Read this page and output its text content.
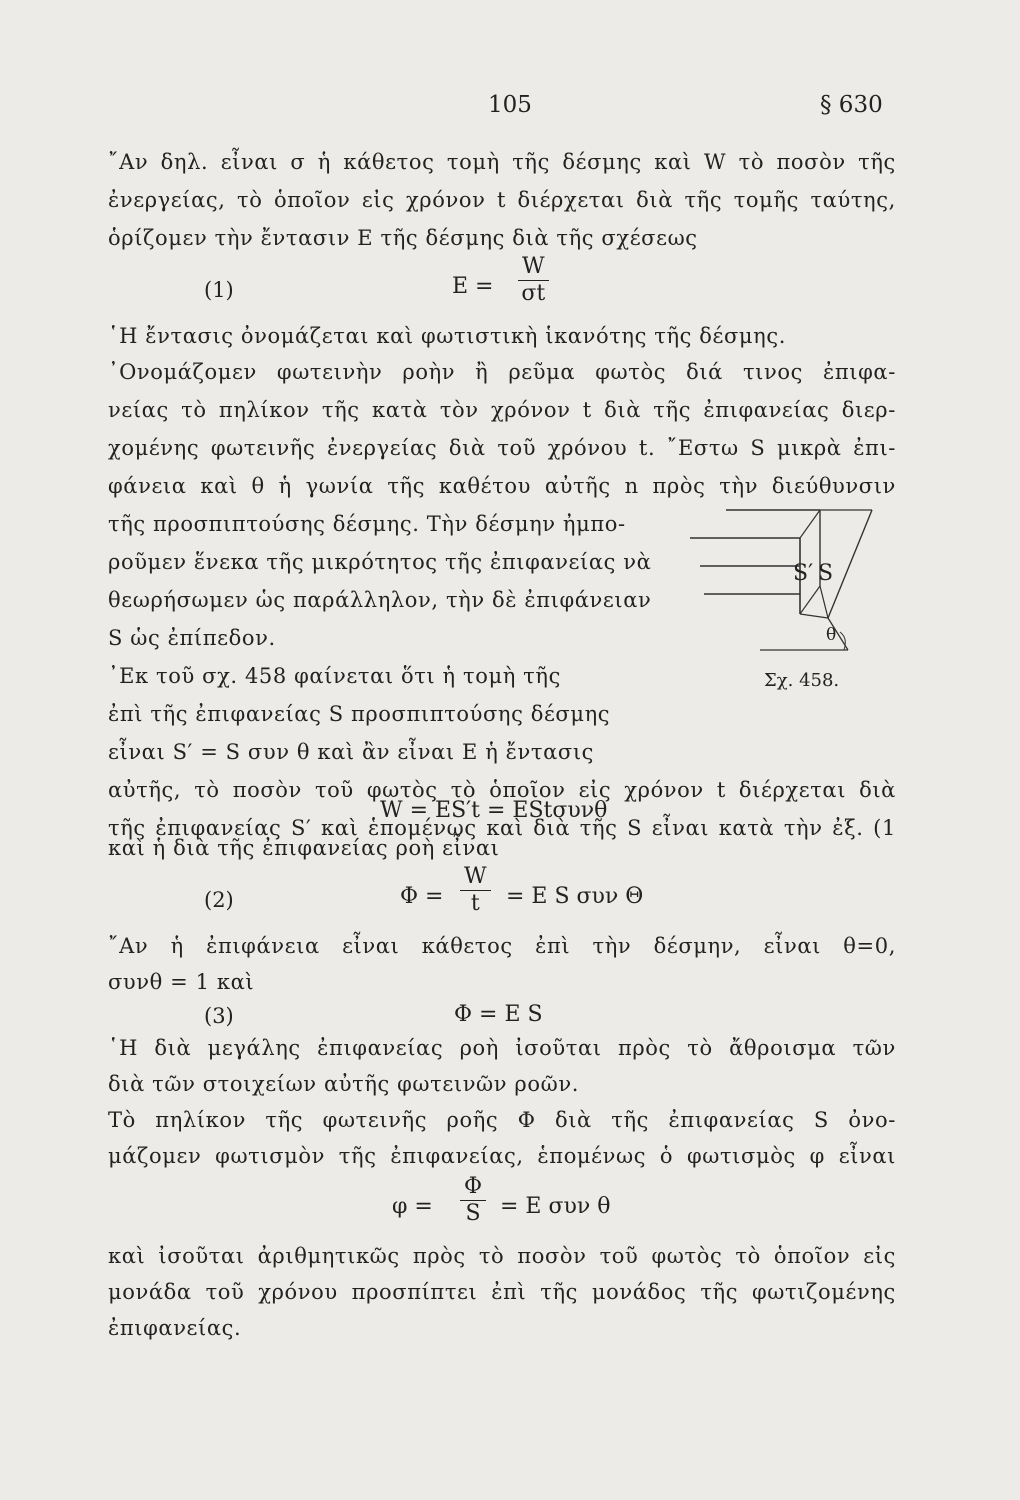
105	§ 630
῎Αν δηλ. εἶναι σ ἡ κάθετος τομὴ τῆς δέσμης καὶ W τὸ ποσὸν τῆς
ἐνεργείας, τὸ ὁποῖον εἰς χρόνον t διέρχεται διὰ τῆς τομῆς ταύτης,
ὁρίζομεν τὴν ἔντασιν Ε τῆς δέσμης διὰ τῆς σχέσεως
(1)	$E = \frac{W}{\sigma t}$
῾Η ἔντασις ὀνομάζεται καὶ φωτιστικὴ ἱκανότης τῆς δέσμης.
᾿Ονομάζομεν φωτεινὴν ροὴν ἢ ρεῦμα φωτὸς διά τινος ἐπιφα-
νείας τὸ πηλίκον τῆς κατὰ τὸν χρόνον t διὰ τῆς ἐπιφανείας διερ-
χομένης φωτεινῆς ἐνεργείας διὰ τοῦ χρόνου t. ῎Εστω S μικρὰ ἐπι-
φάνεια καὶ θ ἡ γωνία τῆς καθέτου αὐτῆς n πρὸς τὴν διεύθυνσιν
τῆς προσπιπτούσης δέσμης. Τὴν δέσμην ἠμπο-
ροῦμεν ἕνεκα τῆς μικρότητος τῆς ἐπιφανείας νὰ
θεωρήσωμεν ὡς παράλληλον, τὴν δὲ ἐπιφάνειαν
S ὡς ἐπίπεδον.
᾿Εκ τοῦ σχ. 458 φαίνεται ὅτι ἡ τομὴ τῆς
ἐπὶ τῆς ἐπιφανείας S προσπιπτούσης δέσμης
εἶναι S′ = S συν θ καὶ ἂν εἶναι Ε ἡ ἔντασις
αὐτῆς, τὸ ποσὸν τοῦ φωτὸς τὸ ὁποῖον εἰς χρόνον t διέρχεται διὰ
τῆς ἐπιφανείας S′ καὶ ἑπομένως καὶ διὰ τῆς S εἶναι κατὰ τὴν ἐξ. (1
S′ S
θ
Σχ. 458.
W = ES′t = EStσυνθ
καὶ ἡ διὰ τῆς ἐπιφανείας ροὴ εἶναι
(2)	$\Phi = \frac{W}{t} = E$ S συν Θ
῎Αν ἡ ἐπιφάνεια εἶναι κάθετος ἐπὶ τὴν δέσμην, εἶναι θ=0,
συνθ = 1 καὶ
(3)	Φ = Ε S
῾Η διὰ μεγάλης ἐπιφανείας ροὴ ἰσοῦται πρὸς τὸ ἄθροισμα τῶν
διὰ τῶν στοιχείων αὐτῆς φωτεινῶν ροῶν.
Τὸ πηλίκον τῆς φωτεινῆς ροῆς Φ διὰ τῆς ἐπιφανείας S ὀνο-
μάζομεν φωτισμὸν τῆς ἐπιφανείας, ἑπομένως ὁ φωτισμὸς φ εἶναι
$\varphi = \frac{\Phi}{S} = E$ συν θ
καὶ ἰσοῦται ἀριθμητικῶς πρὸς τὸ ποσὸν τοῦ φωτὸς τὸ ὁποῖον εἰς
μονάδα τοῦ χρόνου προσπίπτει ἐπὶ τῆς μονάδος τῆς φωτιζομένης
ἐπιφανείας.
